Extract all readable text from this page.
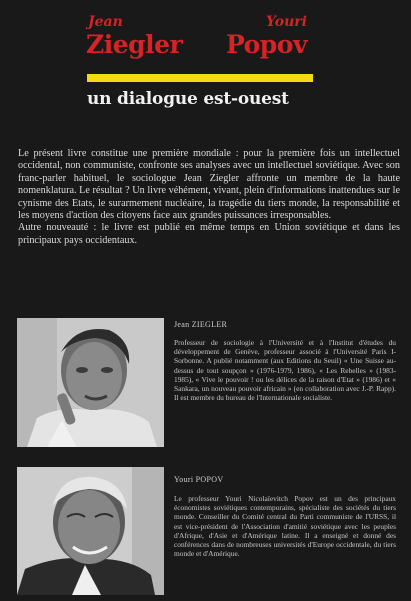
Jean
Ziegler
Youri
Popov
un dialogue est-ouest

Le présent livre constitue une première mondiale : pour la première fois un intellectuel occidental, non communiste, confronte ses analyses avec un intellectuel soviétique. Avec son franc-parler habituel, le sociologue Jean Ziegler affronte un membre de la haute nomenklatura. Le résultat ? Un livre véhément, vivant, plein d'informations inattendues sur le cynisme des Etats, le surarmement nucléaire, la tragédie du tiers monde, la responsabilité et les moyens d'action des citoyens face aux grandes puissances irresponsables.

Autre nouveauté : le livre est publié en même temps en Union soviétique et dans les principaux pays occidentaux.

Jean ZIEGLER

Professeur de sociologie à l'Université et à l'Institut d'études du développement de Genève, professeur associé à l'Université Paris I-Sorbonne. A publié notamment (aux Editions du Seuil) « Une Suisse au-dessus de tout soupçon » (1976-1979, 1986), « Les Rebelles » (1983-1985), « Vive le pouvoir ! ou les délices de la raison d'Etat » (1986) et « Sankara, un nouveau pouvoir africain » (en collaboration avec J.-P. Rapp). Il est membre du bureau de l'Internationale socialiste.

Youri POPOV

Le professeur Youri Nicolaïevitch Popov est un des principaux économistes soviétiques contemporains, spécialiste des sociétés du tiers monde. Conseiller du Comité central du Parti communiste de l'URSS, il est vice-président de l'Association d'amitié soviétique avec les peuples d'Afrique, d'Asie et d'Amérique latine. Il a enseigné et donné des conférences dans de nombreuses universités d'Europe occidentale, du tiers monde et d'Amérique.
